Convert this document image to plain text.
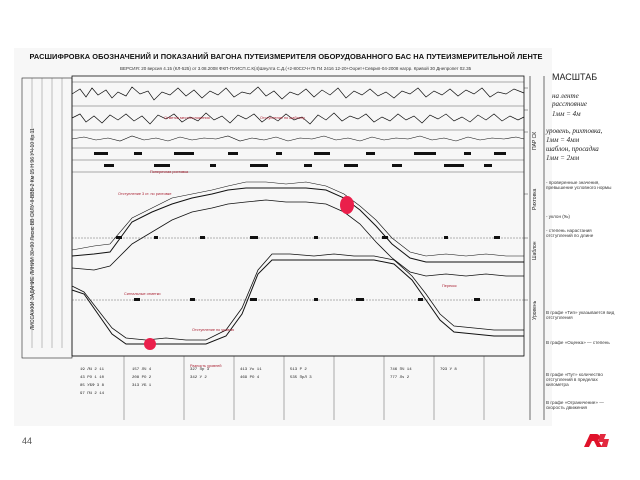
19 ЛЧ 2 11
43 РО 1 10
85 УБФ 3 8
97 ПЧ 2 14
157 ЛЧ 4
208 РО 2
313 УБ 1
327 Пр 3
342 У 2
413 Ук 11
469 РО 4
513 Р 2
535 ПрЛ 3
746 ПЧ 14
777 Лч 2
793 У 8
Отметка местоположения	Отступление по шаблону
Поперечная рихтовка
Отступление по уровню
Разность уровней
Отступление 3 ст. по рихтовке
Сигнальные отметки
Перекос
РАСШИФРОВКА ОБОЗНАЧЕНИЙ И ПОКАЗАНИЙ ВАГОНА ПУТЕИЗМЕРИТЕЛЯ ОБОРУДОВАННОГО БАС НА ПУТЕИЗМЕРИТЕЛЬНОЙ ЛЕНТЕ
ВЕРСИЯ: 20 версия 4.15 (КЛ-525) от 3.08.2008 ФКП-ПУИСП.С.К(4)Шеулта С.Д.(+2-80ССЧ+75 П4 2416 12-20+Оорет+Севрип-04-2008 нагрр. Кривой 30 Днепропет 02.35
ЛИССАЖКИ ЗАДАНИЕ ЛИНИИ 30+90 Лисис ВВ СКЛУ-II-ВВВ-2 Км 15 Н 96 УЧ-10 Кр.11	Рихтовка
Шаблон
Уровень
ПАР СК
МАСШТАБ
на ленте
расстояние
1мм = 4м
уровень, рихтовка,
1мм = 4мм
шаблон, просадка
1мм = 2мм
- проверенные значения, превышение условного нормы
- уклон (‰)
- степень нарастания отступлений по длине
В графе «Тип» указывается вид отступления
В графе «Оценка» — степень
В графе «Пут» количество отступлений в пределах километра
В графе «Ограничение» — скорость движения
44
